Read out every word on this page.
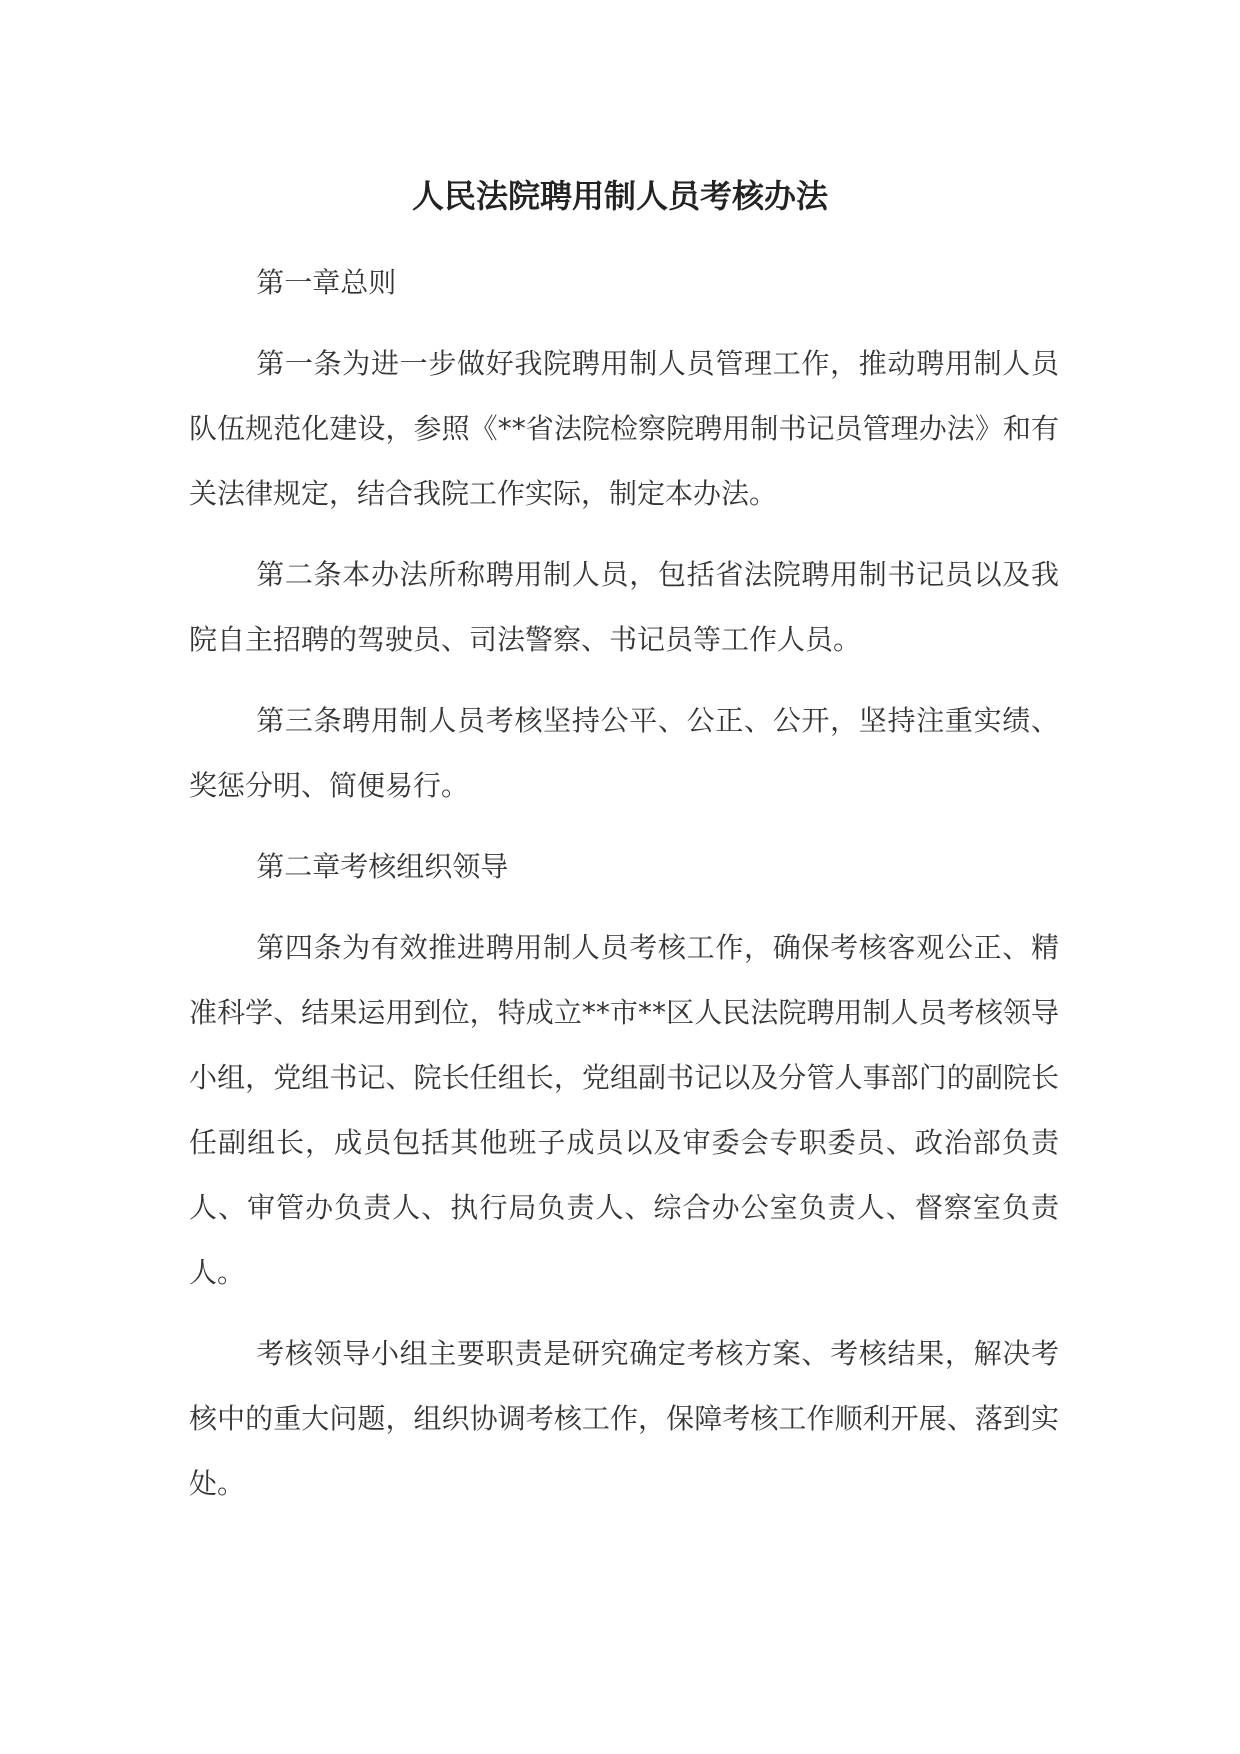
人民法院聘用制人员考核办法

第一章总则

第一条为进一步做好我院聘用制人员管理工作，推动聘用制人员队伍规范化建设，参照《**省法院检察院聘用制书记员管理办法》和有关法律规定，结合我院工作实际，制定本办法。

第二条本办法所称聘用制人员，包括省法院聘用制书记员以及我院自主招聘的驾驶员、司法警察、书记员等工作人员。

第三条聘用制人员考核坚持公平、公正、公开，坚持注重实绩、奖惩分明、简便易行。

第二章考核组织领导

第四条为有效推进聘用制人员考核工作，确保考核客观公正、精准科学、结果运用到位，特成立**市**区人民法院聘用制人员考核领导小组，党组书记、院长任组长，党组副书记以及分管人事部门的副院长任副组长，成员包括其他班子成员以及审委会专职委员、政治部负责人、审管办负责人、执行局负责人、综合办公室负责人、督察室负责人。

考核领导小组主要职责是研究确定考核方案、考核结果，解决考核中的重大问题，组织协调考核工作，保障考核工作顺利开展、落到实处。
